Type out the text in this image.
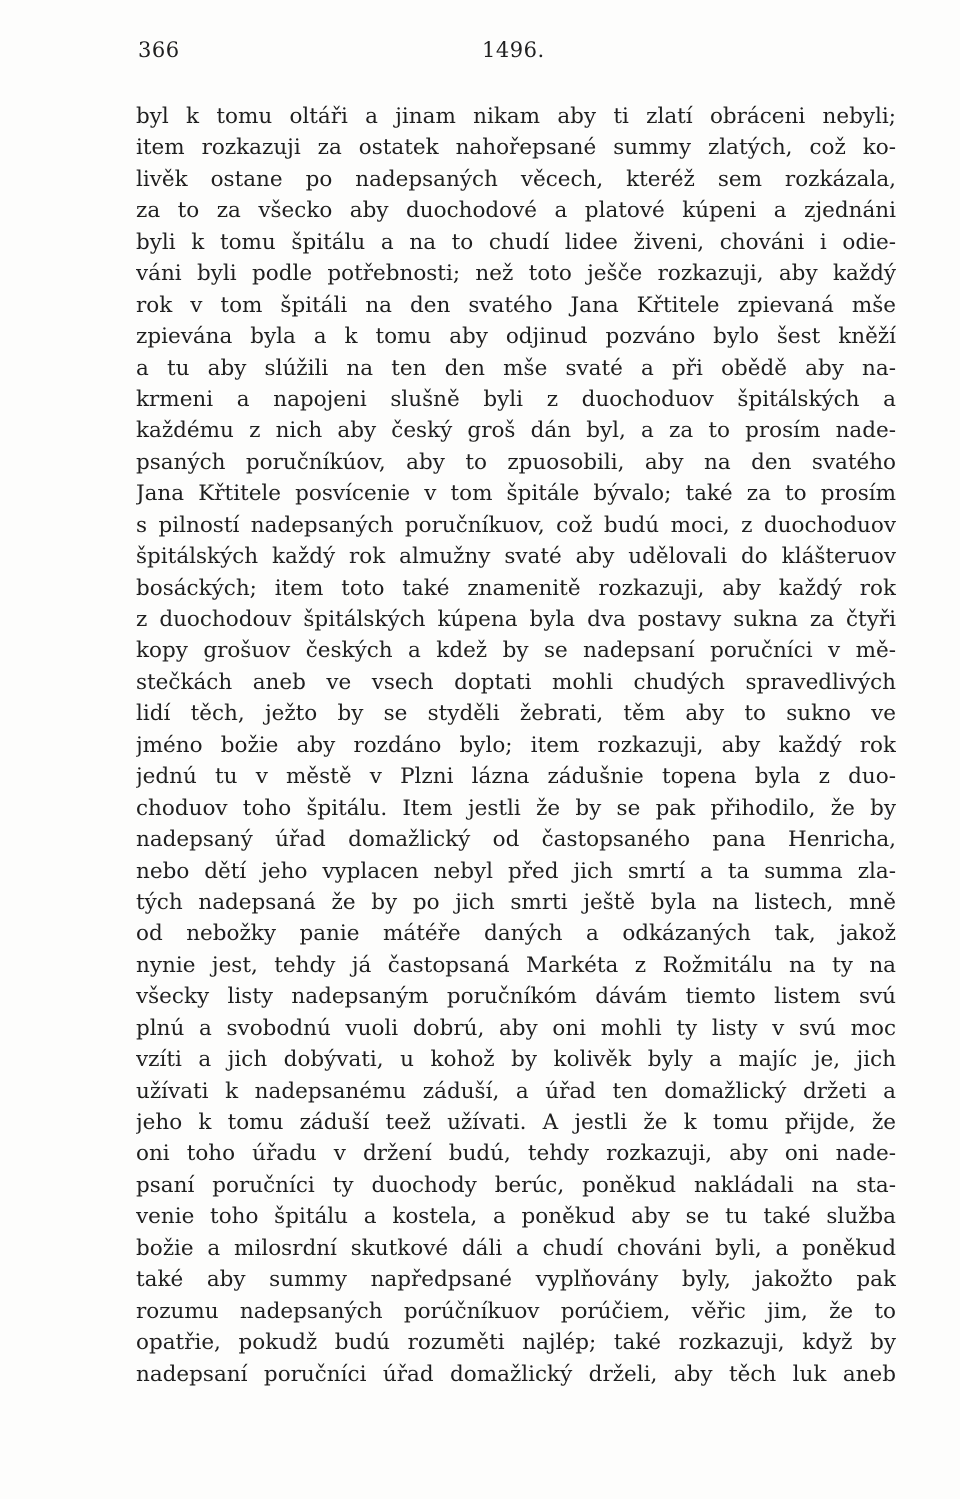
366	1496.
byl k tomu oltáři a jinam nikam aby ti zlatí obráceni nebyli;
item rozkazuji za ostatek nahořepsané summy zlatých, což ko-
livěk ostane po nadepsaných věcech, kteréž sem rozkázala,
za to za všecko aby duochodové a platové kúpeni a zjednáni
byli k tomu špitálu a na to chudí lidee živeni, chováni i odie-
váni byli podle potřebnosti; než toto ješče rozkazuji, aby každý
rok v tom špitáli na den svatého Jana Křtitele zpievaná mše
zpievána byla a k tomu aby odjinud pozváno bylo šest kněží
a tu aby slúžili na ten den mše svaté a při obědě aby na-
krmeni a napojeni slušně byli z duochoduov špitálských a
každému z nich aby český groš dán byl, a za to prosím nade-
psaných poručníkúov, aby to zpuosobili, aby na den svatého
Jana Křtitele posvícenie v tom špitále bývalo; také za to prosím
s pilností nadepsaných poručníkuov, což budú moci, z duochoduov
špitálských každý rok almužny svaté aby udělovali do klášteruov
bosáckých; item toto také znamenitě rozkazuji, aby každý rok
z duochodouv špitálských kúpena byla dva postavy sukna za čtyři
kopy grošuov českých a kdež by se nadepsaní poručníci v mě-
stečkách aneb ve vsech doptati mohli chudých spravedlivých
lidí těch, ježto by se styděli žebrati, těm aby to sukno ve
jméno božie aby rozdáno bylo; item rozkazuji, aby každý rok
jednú tu v městě v Plzni lázna zádušnie topena byla z duo-
choduov toho špitálu. Item jestli že by se pak přihodilo, že by
nadepsaný úřad domažlický od častopsaného pana Henricha,
nebo dětí jeho vyplacen nebyl před jich smrtí a ta summa zla-
tých nadepsaná že by po jich smrti ještě byla na listech, mně
od nebožky panie mátéře daných a odkázaných tak, jakož
nynie jest, tehdy já častopsaná Markéta z Rožmitálu na ty na
všecky listy nadepsaným poručníkóm dávám tiemto listem svú
plnú a svobodnú vuoli dobrú, aby oni mohli ty listy v svú moc
vzíti a jich dobývati, u kohož by kolivěk byly a majíc je, jich
užívati k nadepsanému záduší, a úřad ten domažlický držeti a
jeho k tomu záduší teež užívati. A jestli že k tomu přijde, že
oni toho úřadu v držení budú, tehdy rozkazuji, aby oni nade-
psaní poručníci ty duochody berúc, poněkud nakládali na sta-
venie toho špitálu a kostela, a poněkud aby se tu také služba
božie a milosrdní skutkové dáli a chudí chováni byli, a poněkud
také aby summy napředpsané vyplňovány byly, jakožto pak
rozumu nadepsaných porúčníkuov porúčiem, věřic jim, že to
opatřie, pokudž budú rozuměti najlép; také rozkazuji, když by
nadepsaní poručníci úřad domažlický drželi, aby těch luk aneb
